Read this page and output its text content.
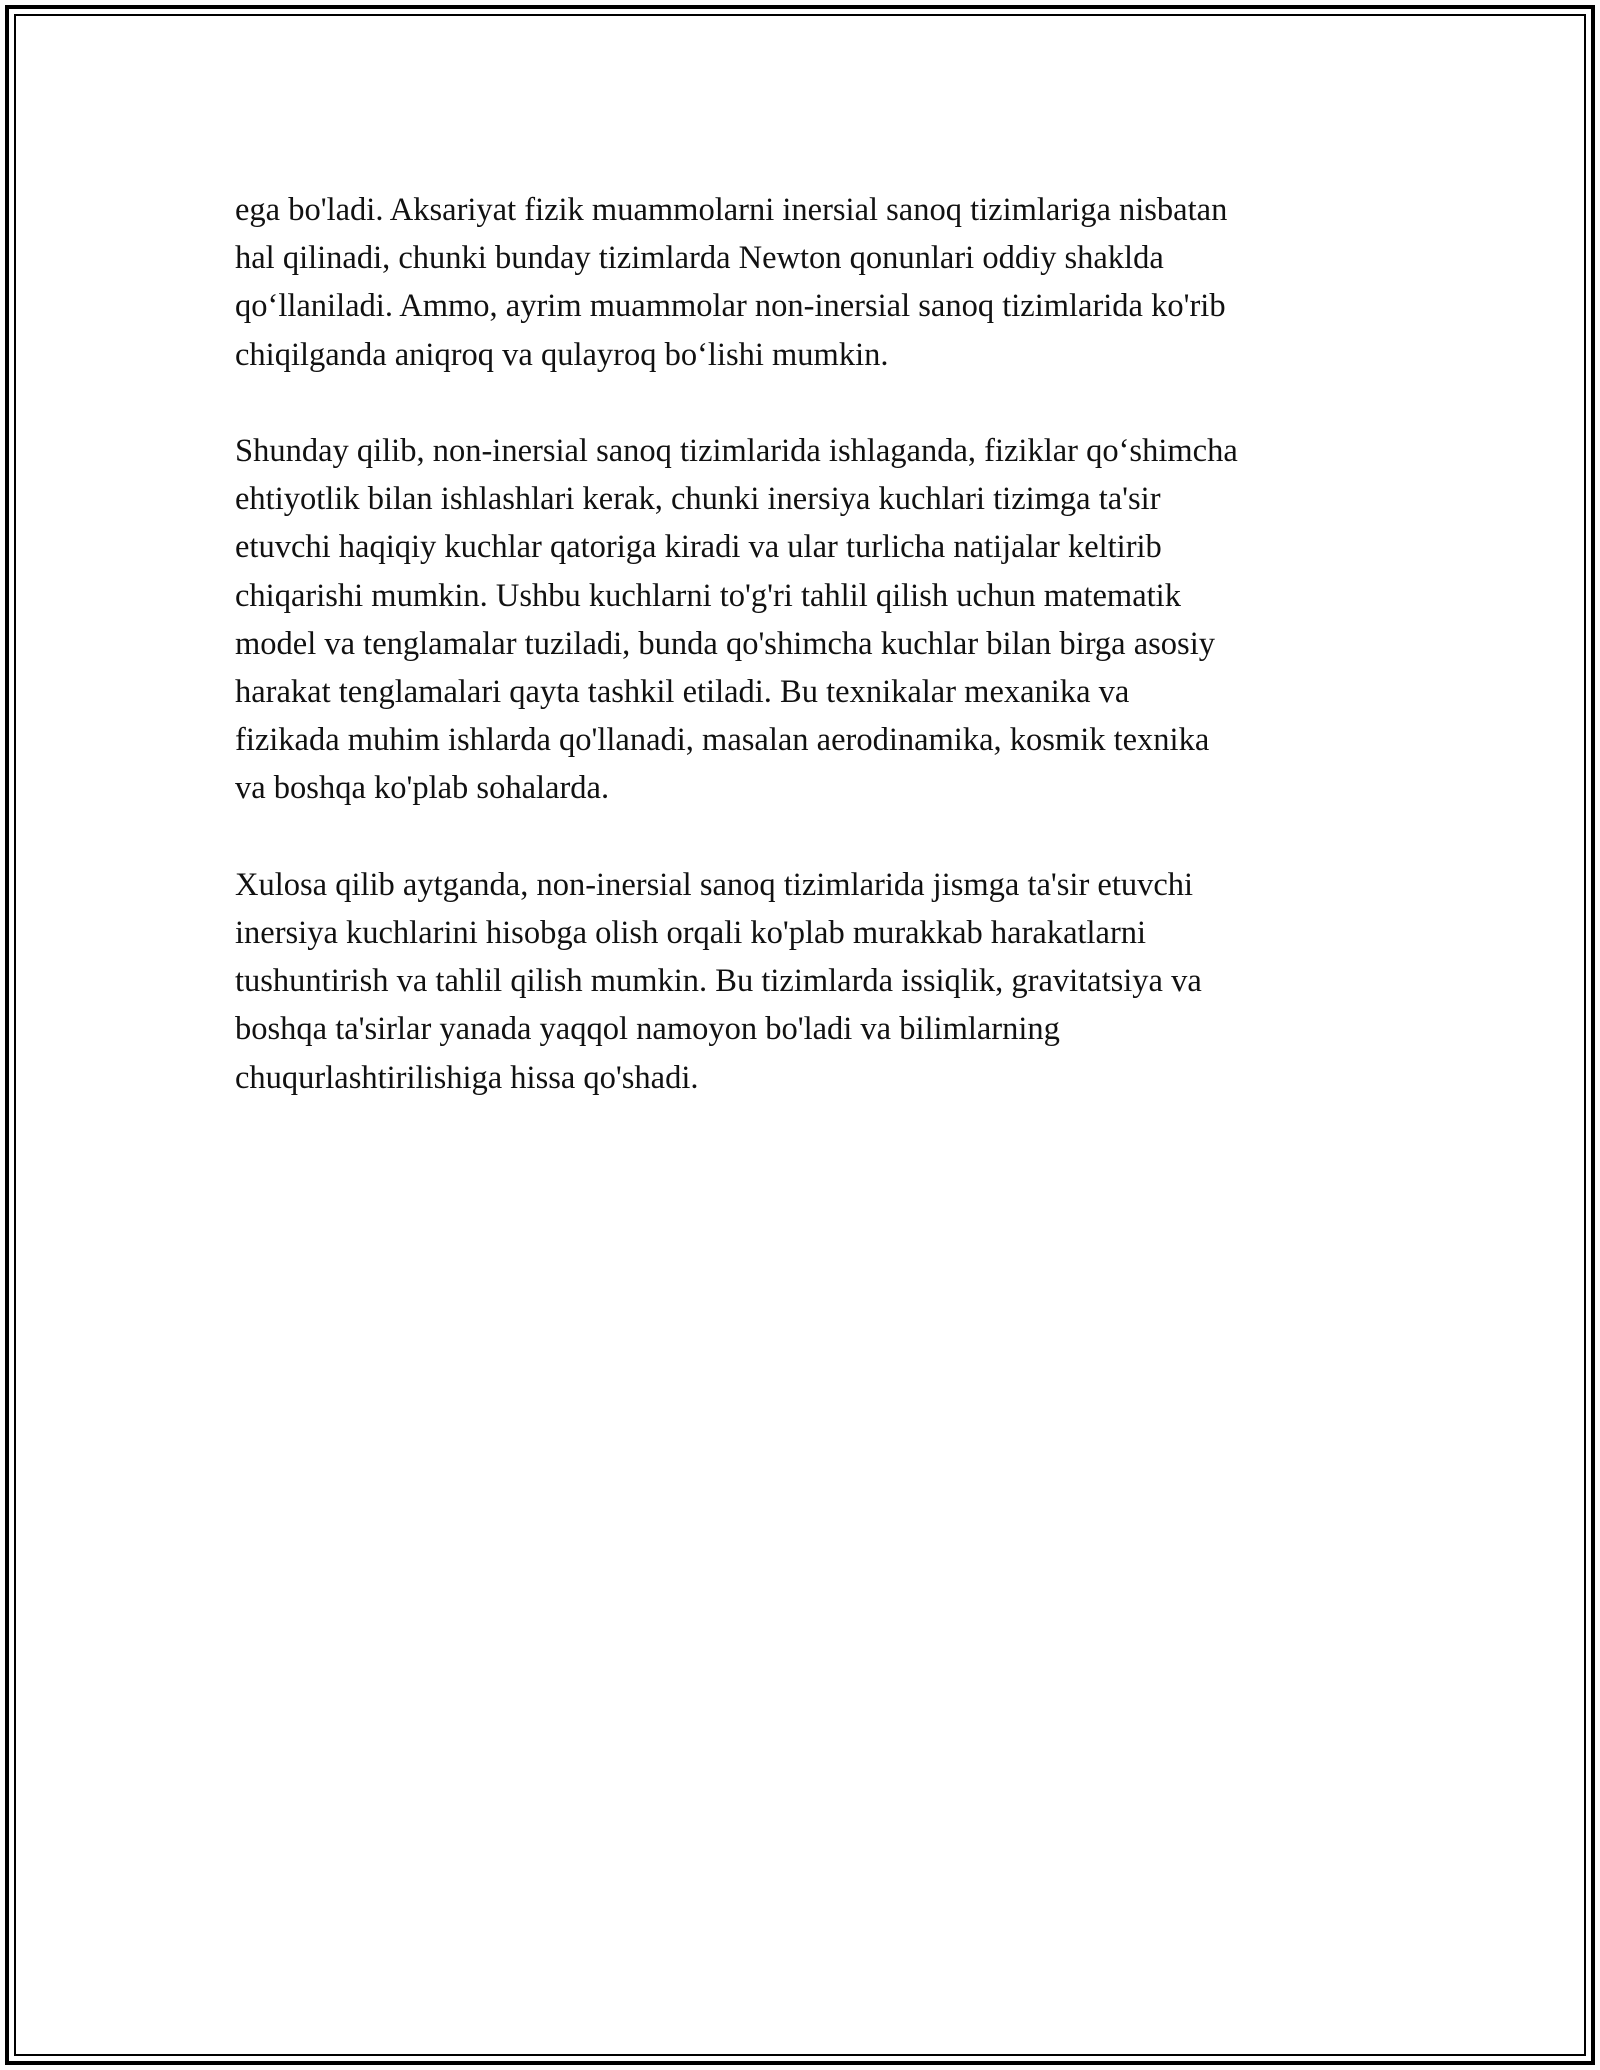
ega bo'ladi. Aksariyat fizik muammolarni inersial sanoq tizimlariga nisbatan
hal qilinadi, chunki bunday tizimlarda Newton qonunlari oddiy shaklda
qo‘llaniladi. Ammo, ayrim muammolar non-inersial sanoq tizimlarida ko'rib
chiqilganda aniqroq va qulayroq bo‘lishi mumkin.

Shunday qilib, non-inersial sanoq tizimlarida ishlaganda, fiziklar qo‘shimcha
ehtiyotlik bilan ishlashlari kerak, chunki inersiya kuchlari tizimga ta'sir
etuvchi haqiqiy kuchlar qatoriga kiradi va ular turlicha natijalar keltirib
chiqarishi mumkin. Ushbu kuchlarni to'g'ri tahlil qilish uchun matematik
model va tenglamalar tuziladi, bunda qo'shimcha kuchlar bilan birga asosiy
harakat tenglamalari qayta tashkil etiladi. Bu texnikalar mexanika va
fizikada muhim ishlarda qo'llanadi, masalan aerodinamika, kosmik texnika
va boshqa ko'plab sohalarda.

Xulosa qilib aytganda, non-inersial sanoq tizimlarida jismga ta'sir etuvchi
inersiya kuchlarini hisobga olish orqali ko'plab murakkab harakatlarni
tushuntirish va tahlil qilish mumkin. Bu tizimlarda issiqlik, gravitatsiya va
boshqa ta'sirlar yanada yaqqol namoyon bo'ladi va bilimlarning
chuqurlashtirilishiga hissa qo'shadi.
